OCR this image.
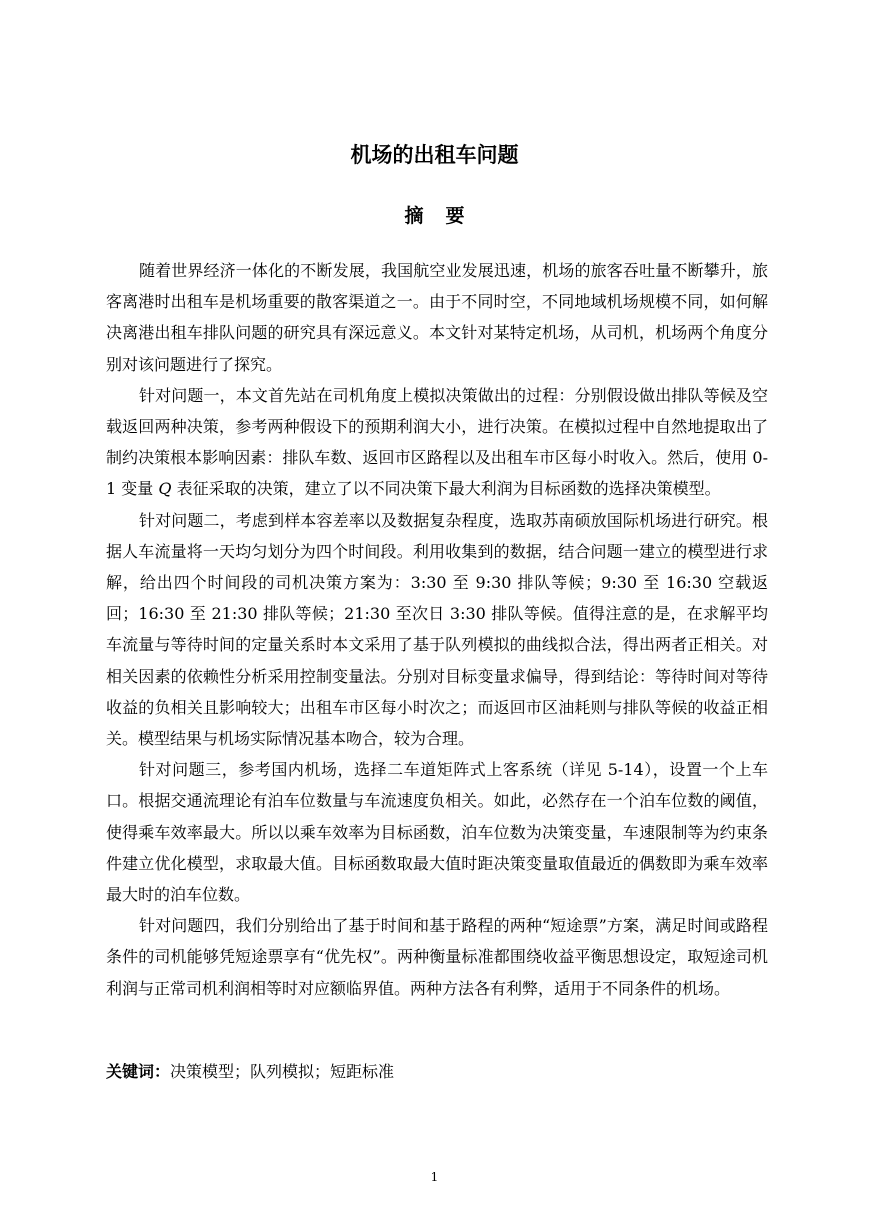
机场的出租车问题
摘要

随着世界经济一体化的不断发展，我国航空业发展迅速，机场的旅客吞吐量不断攀升，旅客离港时出租车是机场重要的散客渠道之一。由于不同时空，不同地域机场规模不同，如何解决离港出租车排队问题的研究具有深远意义。本文针对某特定机场，从司机，机场两个角度分别对该问题进行了探究。

针对问题一，本文首先站在司机角度上模拟决策做出的过程：分别假设做出排队等候及空载返回两种决策，参考两种假设下的预期利润大小，进行决策。在模拟过程中自然地提取出了制约决策根本影响因素：排队车数、返回市区路程以及出租车市区每小时收入。然后，使用 0-1 变量 Q 表征采取的决策，建立了以不同决策下最大利润为目标函数的选择决策模型。

针对问题二，考虑到样本容差率以及数据复杂程度，选取苏南硕放国际机场进行研究。根据人车流量将一天均匀划分为四个时间段。利用收集到的数据，结合问题一建立的模型进行求解，给出四个时间段的司机决策方案为：3:30 至 9:30 排队等候；9:30 至 16:30 空载返回；16:30 至 21:30 排队等候；21:30 至次日 3:30 排队等候。值得注意的是，在求解平均车流量与等待时间的定量关系时本文采用了基于队列模拟的曲线拟合法，得出两者正相关。对相关因素的依赖性分析采用控制变量法。分别对目标变量求偏导，得到结论：等待时间对等待收益的负相关且影响较大；出租车市区每小时次之；而返回市区油耗则与排队等候的收益正相关。模型结果与机场实际情况基本吻合，较为合理。

针对问题三，参考国内机场，选择二车道矩阵式上客系统（详见 5-14），设置一个上车口。根据交通流理论有泊车位数量与车流速度负相关。如此，必然存在一个泊车位数的阈值，使得乘车效率最大。所以以乘车效率为目标函数，泊车位数为决策变量，车速限制等为约束条件建立优化模型，求取最大值。目标函数取最大值时距决策变量取值最近的偶数即为乘车效率最大时的泊车位数。

针对问题四，我们分别给出了基于时间和基于路程的两种“短途票”方案，满足时间或路程条件的司机能够凭短途票享有“优先权”。两种衡量标准都围绕收益平衡思想设定，取短途司机利润与正常司机利润相等时对应额临界值。两种方法各有利弊，适用于不同条件的机场。

关键词：决策模型；队列模拟；短距标准
1
